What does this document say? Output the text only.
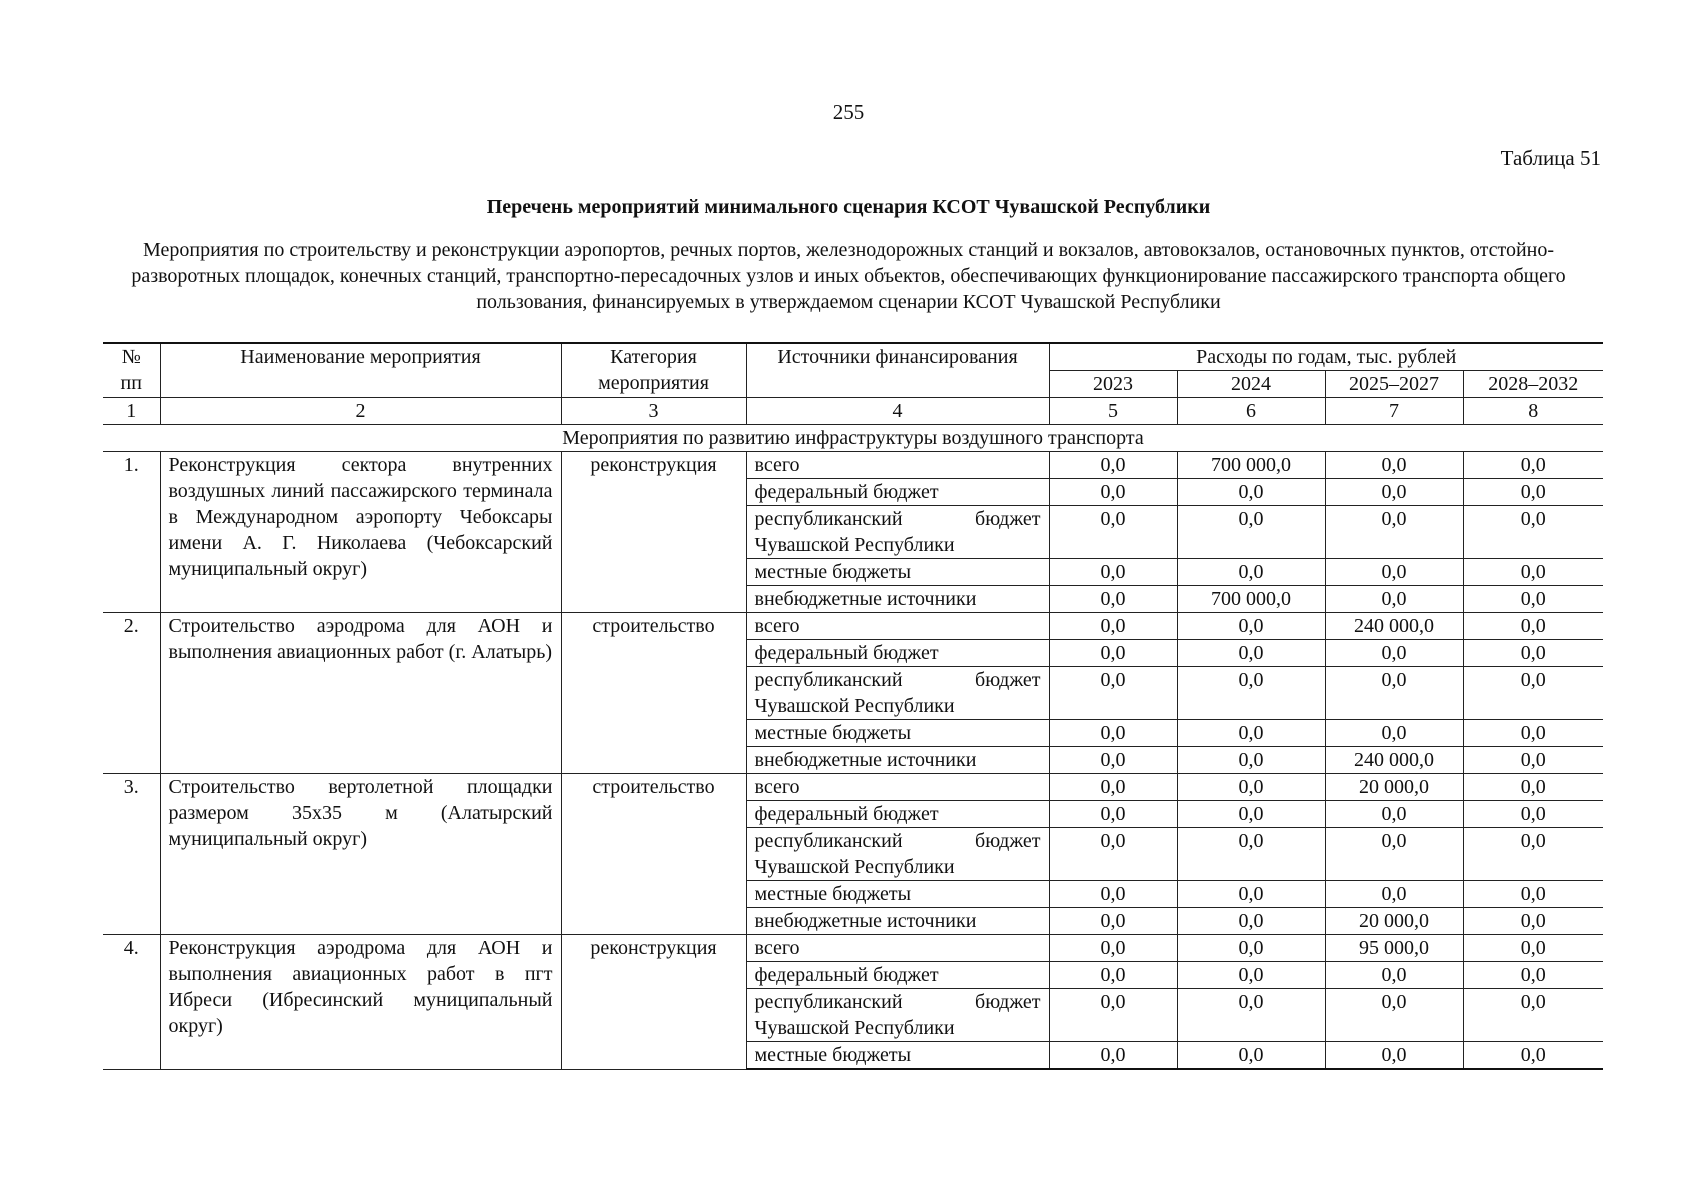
255
Таблица 51
Перечень мероприятий минимального сценария КСОТ Чувашской Республики
Мероприятия по строительству и реконструкции аэропортов, речных портов, железнодорожных станций и вокзалов, автовокзалов, остановочных пунктов, отстойно-разворотных площадок, конечных станций, транспортно-пересадочных узлов и иных объектов, обеспечивающих функционирование пассажирского транспорта общего пользования, финансируемых в утверждаемом сценарии КСОТ Чувашской Республики
№ пп	Наименование мероприятия	Категория мероприятия	Источники финансирования	Расходы по годам, тыс. рублей			
				2023	2024	2025–2027	2028–2032
1	2	3	4	5	6	7	8
Мероприятия по развитию инфраструктуры воздушного транспорта							
1.	Реконструкция сектора внутренних воздушных линий пассажирского терминала в Международном аэропорту Чебоксары имени А. Г. Николаева (Чебоксарский муниципальный округ)	реконструкция	всего	0,0	700 000,0	0,0	0,0
			федеральный бюджет	0,0	0,0	0,0	0,0
			республиканский бюджет Чувашской Республики	0,0	0,0	0,0	0,0
			местные бюджеты	0,0	0,0	0,0	0,0
			внебюджетные источники	0,0	700 000,0	0,0	0,0
2.	Строительство аэродрома для АОН и выполнения авиационных работ (г. Алатырь)	строительство	всего	0,0	0,0	240 000,0	0,0
			федеральный бюджет	0,0	0,0	0,0	0,0
			республиканский бюджет Чувашской Республики	0,0	0,0	0,0	0,0
			местные бюджеты	0,0	0,0	0,0	0,0
			внебюджетные источники	0,0	0,0	240 000,0	0,0
3.	Строительство вертолетной площадки размером 35х35 м (Алатырский муниципальный округ)	строительство	всего	0,0	0,0	20 000,0	0,0
			федеральный бюджет	0,0	0,0	0,0	0,0
			республиканский бюджет Чувашской Республики	0,0	0,0	0,0	0,0
			местные бюджеты	0,0	0,0	0,0	0,0
			внебюджетные источники	0,0	0,0	20 000,0	0,0
4.	Реконструкция аэродрома для АОН и выполнения авиационных работ в пгт Ибреси (Ибресинский муниципальный округ)	реконструкция	всего	0,0	0,0	95 000,0	0,0
			федеральный бюджет	0,0	0,0	0,0	0,0
			республиканский бюджет Чувашской Республики	0,0	0,0	0,0	0,0
			местные бюджеты	0,0	0,0	0,0	0,0
